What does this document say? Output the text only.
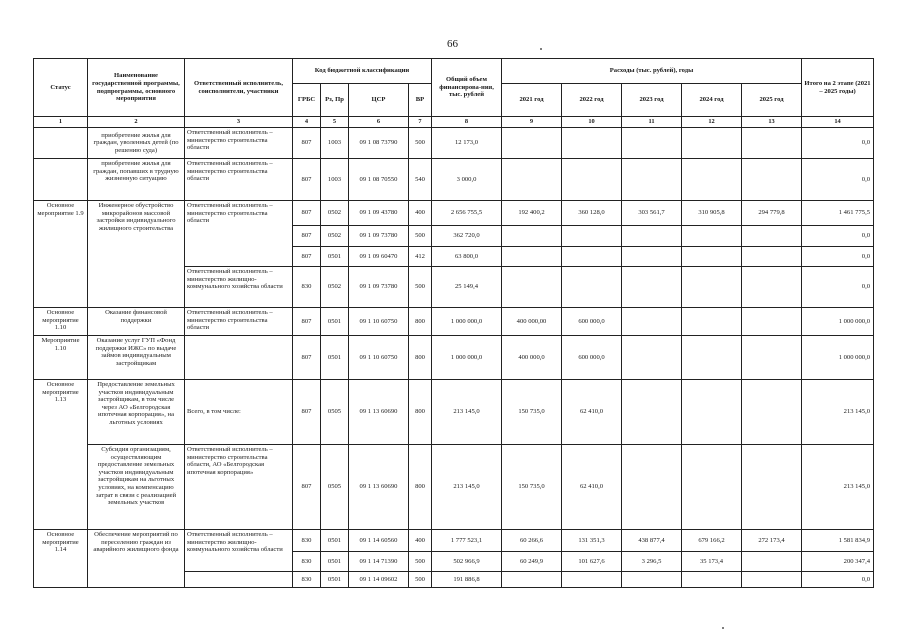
66
Статус	Наименование государственной программы, подпрограммы, основного мероприятия	Ответственный исполнитель, соисполнители, участники	Код бюджетной классификации				Общий объем финансирова-ния, тыс. рублей	Расходы (тыс. рублей), годы					Итого на 2 этапе (2021 – 2025 годы)
			ГРБС	Рз, Пр	ЦСР	ВР		2021 год	2022 год	2023 год	2024 год	2025 год	
1	2	3	4	5	6	7	8	9	10	11	12	13	14
	приобретение жилья для граждан, уволенных детей (по решению суда)	Ответственный исполнитель – министерство строительства области	807	1003	09 1 08 73790	500	12 173,0						0,0
	приобретение жилья для граждан, попавших в трудную жизненную ситуацию	Ответственный исполнитель – министерство строительства области	807	1003	09 1 08 70550	540	3 000,0						0,0
Основное мероприятие 1.9	Инженерное обустройство микрорайонов массовой застройки индивидуального жилищного строительства	Ответственный исполнитель – министерство строительства области	807	0502	09 1 09 43780	400	2 656 755,5	192 400,2	360 128,0	303 561,7	310 905,8	294 779,8	1 461 775,5
			807	0502	09 1 09 73780	500	362 720,0						0,0
			807	0501	09 1 09 60470	412	63 800,0						0,0
		Ответственный исполнитель – министерство жилищно-коммунального хозяйства области	830	0502	09 1 09 73780	500	25 149,4						0,0
Основное мероприятие 1.10	Оказание финансовой поддержки	Ответственный исполнитель – министерство строительства области	807	0501	09 1 10 60750	800	1 000 000,0	400 000,00	600 000,0				1 000 000,0
Мероприятие 1.10	Оказание услуг ГУП «Фонд поддержки ИЖС» по выдаче займов индивидуальным застройщикам		807	0501	09 1 10 60750	800	1 000 000,0	400 000,0	600 000,0				1 000 000,0
Основное мероприятие 1.13	Предоставление земельных участков индивидуальным застройщикам, в том числе через АО «Белгородская ипотечная корпорация», на льготных условиях	Всего, в том числе:	807	0505	09 1 13 60690	800	213 145,0	150 735,0	62 410,0				213 145,0
	Субсидия организациям, осуществляющим предоставление земельных участков индивидуальным застройщикам на льготных условиях, на компенсацию затрат в связи с реализацией земельных участков	Ответственный исполнитель – министерство строительства области, АО «Белгородская ипотечная корпорация»	807	0505	09 1 13 60690	800	213 145,0	150 735,0	62 410,0				213 145,0
Основное мероприятие 1.14	Обеспечение мероприятий по переселению граждан из аварийного жилищного фонда	Ответственный исполнитель – министерство жилищно-коммунального хозяйства области	830	0501	09 1 14 60560	400	1 777 523,1	60 266,6	131 351,3	438 877,4	679 166,2	272 173,4	1 581 834,9
			830	0501	09 1 14 71390	500	502 966,9	60 249,9	101 627,6	3 296,5	35 173,4		200 347,4
			830	0501	09 1 14 09602	500	191 886,8						0,0
